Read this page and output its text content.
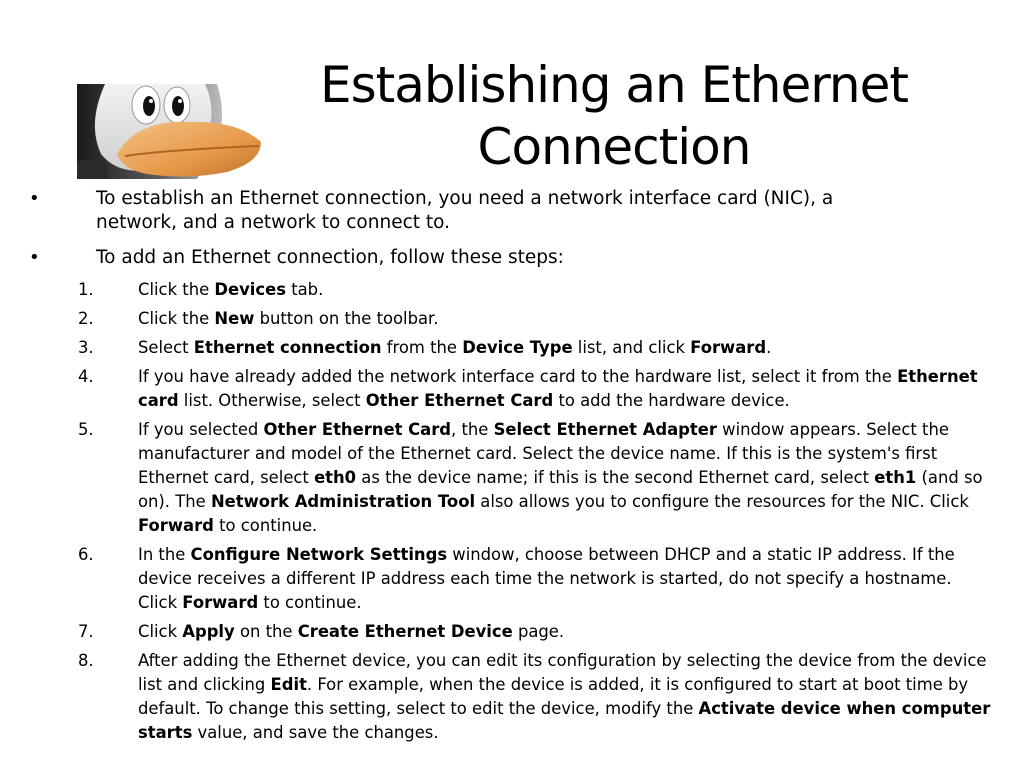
Establishing an Ethernet
Connection
•	To establish an Ethernet connection, you need a network interface card (NIC), a network, and a network to connect to.
•	To add an Ethernet connection, follow these steps:
1.	Click the Devices tab.
2.	Click the New button on the toolbar.
3.	Select Ethernet connection from the Device Type list, and click Forward.
4.	If you have already added the network interface card to the hardware list, select it from the Ethernet card list. Otherwise, select Other Ethernet Card to add the hardware device.
5.	If you selected Other Ethernet Card, the Select Ethernet Adapter window appears. Select the manufacturer and model of the Ethernet card. Select the device name. If this is the system's first Ethernet card, select eth0 as the device name; if this is the second Ethernet card, select eth1 (and so on). The Network Administration Tool also allows you to configure the resources for the NIC. Click Forward to continue.
6.	In the Configure Network Settings window, choose between DHCP and a static IP address. If the device receives a different IP address each time the network is started, do not specify a hostname. Click Forward to continue.
7.	Click Apply on the Create Ethernet Device page.
8.	After adding the Ethernet device, you can edit its configuration by selecting the device from the device list and clicking Edit. For example, when the device is added, it is configured to start at boot time by default. To change this setting, select to edit the device, modify the Activate device when computer starts value, and save the changes.
